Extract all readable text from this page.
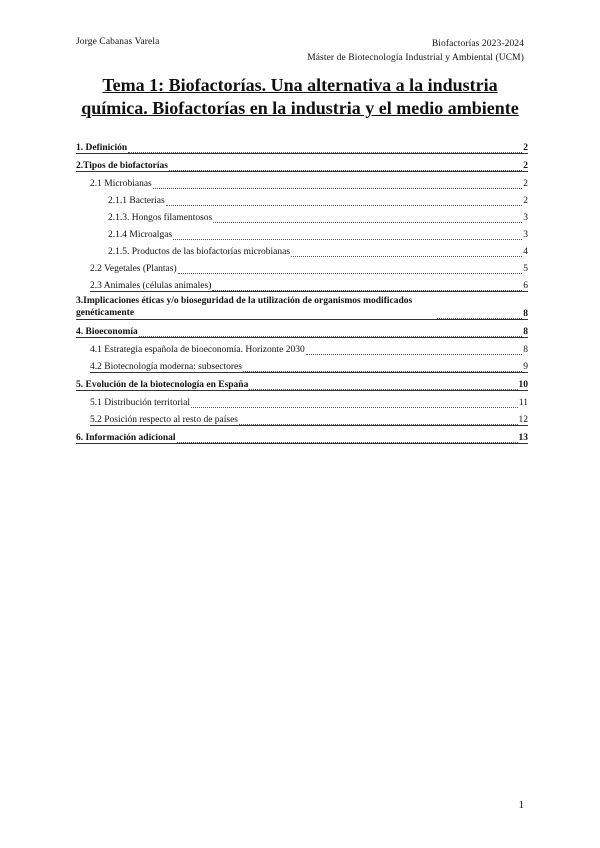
Jorge Cabanas Varela	Biofactorías 2023-2024
Máster de Biotecnología Industrial y Ambiental (UCM)
Tema 1: Biofactorías. Una alternativa a la industria química. Biofactorías en la industria y el medio ambiente
1. Definición	2
2.Tipos de biofactorías	2
2.1 Microbianas	2
2.1.1 Bacterias	2
2.1.3. Hongos filamentosos	3
2.1.4 Microalgas	3
2.1.5. Productos de las biofactorías microbianas	4
2.2 Vegetales (Plantas)	5
2.3 Animales (células animales)	6
3.Implicaciones éticas y/o bioseguridad de la utilización de organismos modificados genéticamente	8
4. Bioeconomía	8
4.1 Estrategia española de bioeconomía. Horizonte 2030	8
4.2 Biotecnología moderna: subsectores	9
5. Evolución de la biotecnología en España	10
5.1 Distribución territorial	11
5.2 Posición respecto al resto de países	12
6. Información adicional	13
1
